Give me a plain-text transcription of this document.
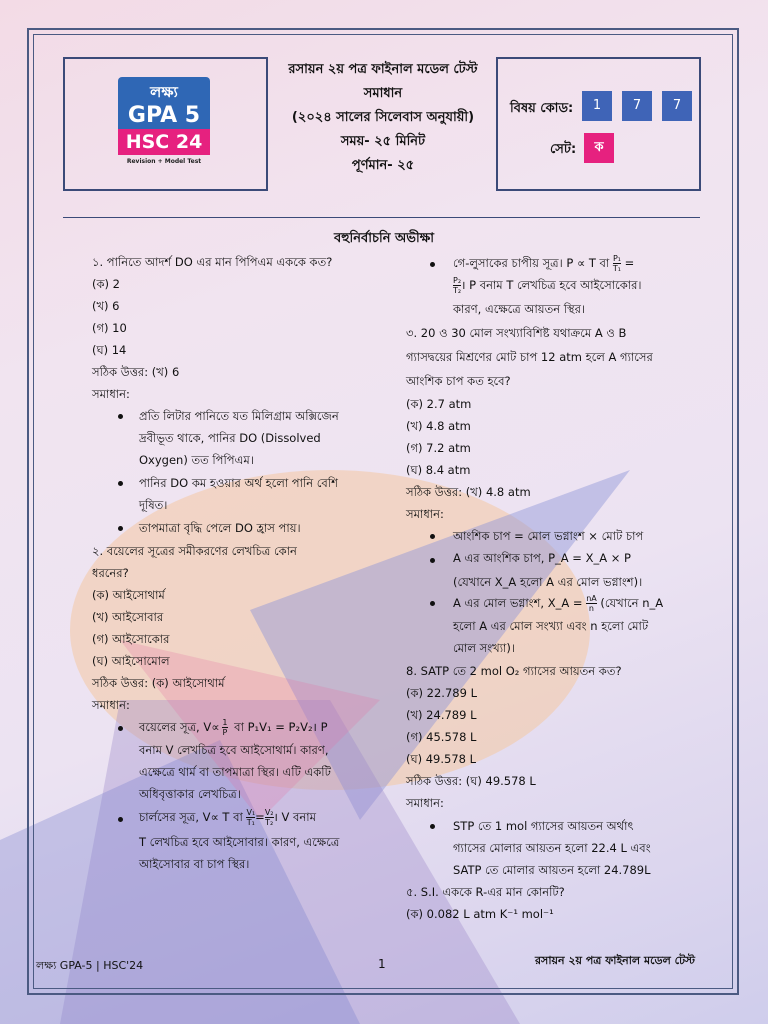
লক্ষ্য
GPA 5
HSC 24
Revision + Model Test
রসায়ন ২য় পত্র ফাইনাল মডেল টেস্ট
সমাধান
(২০২৪ সালের সিলেবাস অনুযায়ী)
সময়- ২৫ মিনিট
পূর্ণমান- ২৫
বিষয় কোড:	1	7	7
সেট:	ক
বহুনির্বাচনি অভীক্ষা
১. পানিতে আদর্শ DO এর মান পিপিএম এককে কত?
(ক) 2
(খ) 6
(গ) 10
(ঘ) 14
সঠিক উত্তর: (খ) 6
সমাধান:
প্রতি লিটার পানিতে যত মিলিগ্রাম অক্সিজেন
দ্রবীভূত থাকে, পানির DO (Dissolved
Oxygen) তত পিপিএম।
পানির DO কম হওয়ার অর্থ হলো পানি বেশি
দূষিত।
তাপমাত্রা বৃদ্ধি পেলে DO হ্রাস পায়।
২. বয়েলের সূত্রের সমীকরণের লেখচিত্র কোন
ধরনের?
(ক) আইসোথার্ম
(খ) আইসোবার
(গ) আইসোকোর
(ঘ) আইসোমোল
সঠিক উত্তর: (ক) আইসোথার্ম
সমাধান:
বয়েলের সূত্র, $V\propto \frac{1}{P}$ বা P₁V₁ = P₂V₂। P
বনাম V লেখচিত্র হবে আইসোথার্ম। কারণ,
এক্ষেত্রে থার্ম বা তাপমাত্রা স্থির। এটি একটি
অধিবৃত্তাকার লেখচিত্র।
চার্লসের সূত্র, V∝ T বা $\frac{\text{V₁}}{\text{T₁}} = \frac{\text{V₂}}{\text{T₂}}$ । V বনাম
T লেখচিত্র হবে আইসোবার। কারণ, এক্ষেত্রে
আইসোবার বা চাপ স্থির।
গে-লুসাকের চাপীয় সূত্র। P ∝ T বা $\frac{\text{P₁}}{\text{T₁}}$ =
$\frac{\text{P₂}}{\text{T₂}}$ । P বনাম T লেখচিত্র হবে আইসোকোর।
কারণ, এক্ষেত্রে আয়তন স্থির।
৩. 20 ও 30 মোল সংখ্যাবিশিষ্ট যথাক্রমে A ও B
গ্যাসদ্বয়ের মিশ্রণের মোট চাপ 12 atm হলে A গ্যাসের
আংশিক চাপ কত হবে?
(ক) 2.7 atm
(খ) 4.8 atm
(গ) 7.2 atm
(ঘ) 8.4 atm
সঠিক উত্তর: (খ) 4.8 atm
সমাধান:
আংশিক চাপ = মোল ভগ্নাংশ × মোট চাপ
A এর আংশিক চাপ, P_A = X_A × P
(যেখানে X_A হলো A এর মোল ভগ্নাংশ)।
A এর মোল ভগ্নাংশ, X_A = $\frac{nA}{n}$ (যেখানে n_A
হলো A এর মোল সংখ্যা এবং n হলো মোট
মোল সংখ্যা)।
8. SATP তে 2 mol O₂ গ্যাসের আয়তন কত?
(ক) 22.789 L
(খ) 24.789 L
(গ) 45.578 L
(ঘ) 49.578 L
সঠিক উত্তর: (ঘ) 49.578 L
সমাধান:
STP তে 1 mol গ্যাসের আয়তন অর্থাৎ
গ্যাসের মোলার আয়তন হলো 22.4 L এবং
SATP তে মোলার আয়তন হলো 24.789L
৫. S.I. এককে R-এর মান কোনটি?
(ক) 0.082 L atm K⁻¹ mol⁻¹
লক্ষ্য GPA-5 | HSC'24	1	রসায়ন ২য় পত্র ফাইনাল মডেল টেস্ট
